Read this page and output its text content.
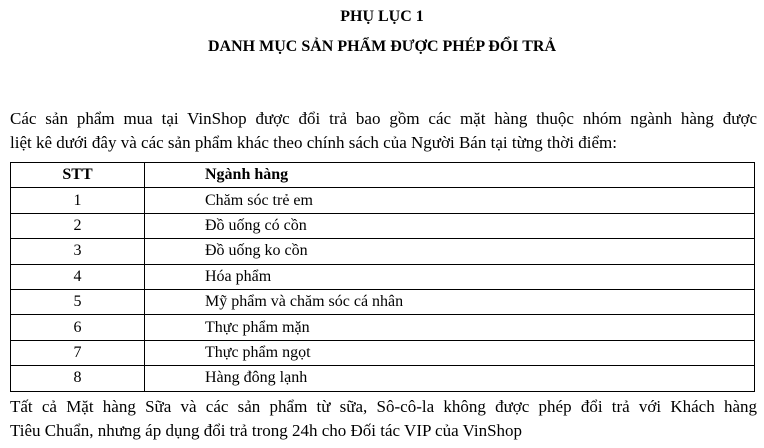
PHỤ LỤC 1
DANH MỤC SẢN PHẨM ĐƯỢC PHÉP ĐỔI TRẢ
Các sản phẩm mua tại VinShop được đổi trả bao gồm các mặt hàng thuộc nhóm ngành hàng được
liệt kê dưới đây và các sản phẩm khác theo chính sách của Người Bán tại từng thời điểm:
STT	Ngành hàng
1	Chăm sóc trẻ em
2	Đồ uống có cồn
3	Đồ uống ko cồn
4	Hóa phẩm
5	Mỹ phẩm và chăm sóc cá nhân
6	Thực phẩm mặn
7	Thực phẩm ngọt
8	Hàng đông lạnh
Tất cả Mặt hàng Sữa và các sản phẩm từ sữa, Sô-cô-la không được phép đổi trả với Khách hàng
Tiêu Chuẩn, nhưng áp dụng đổi trả trong 24h cho Đối tác VIP của VinShop
